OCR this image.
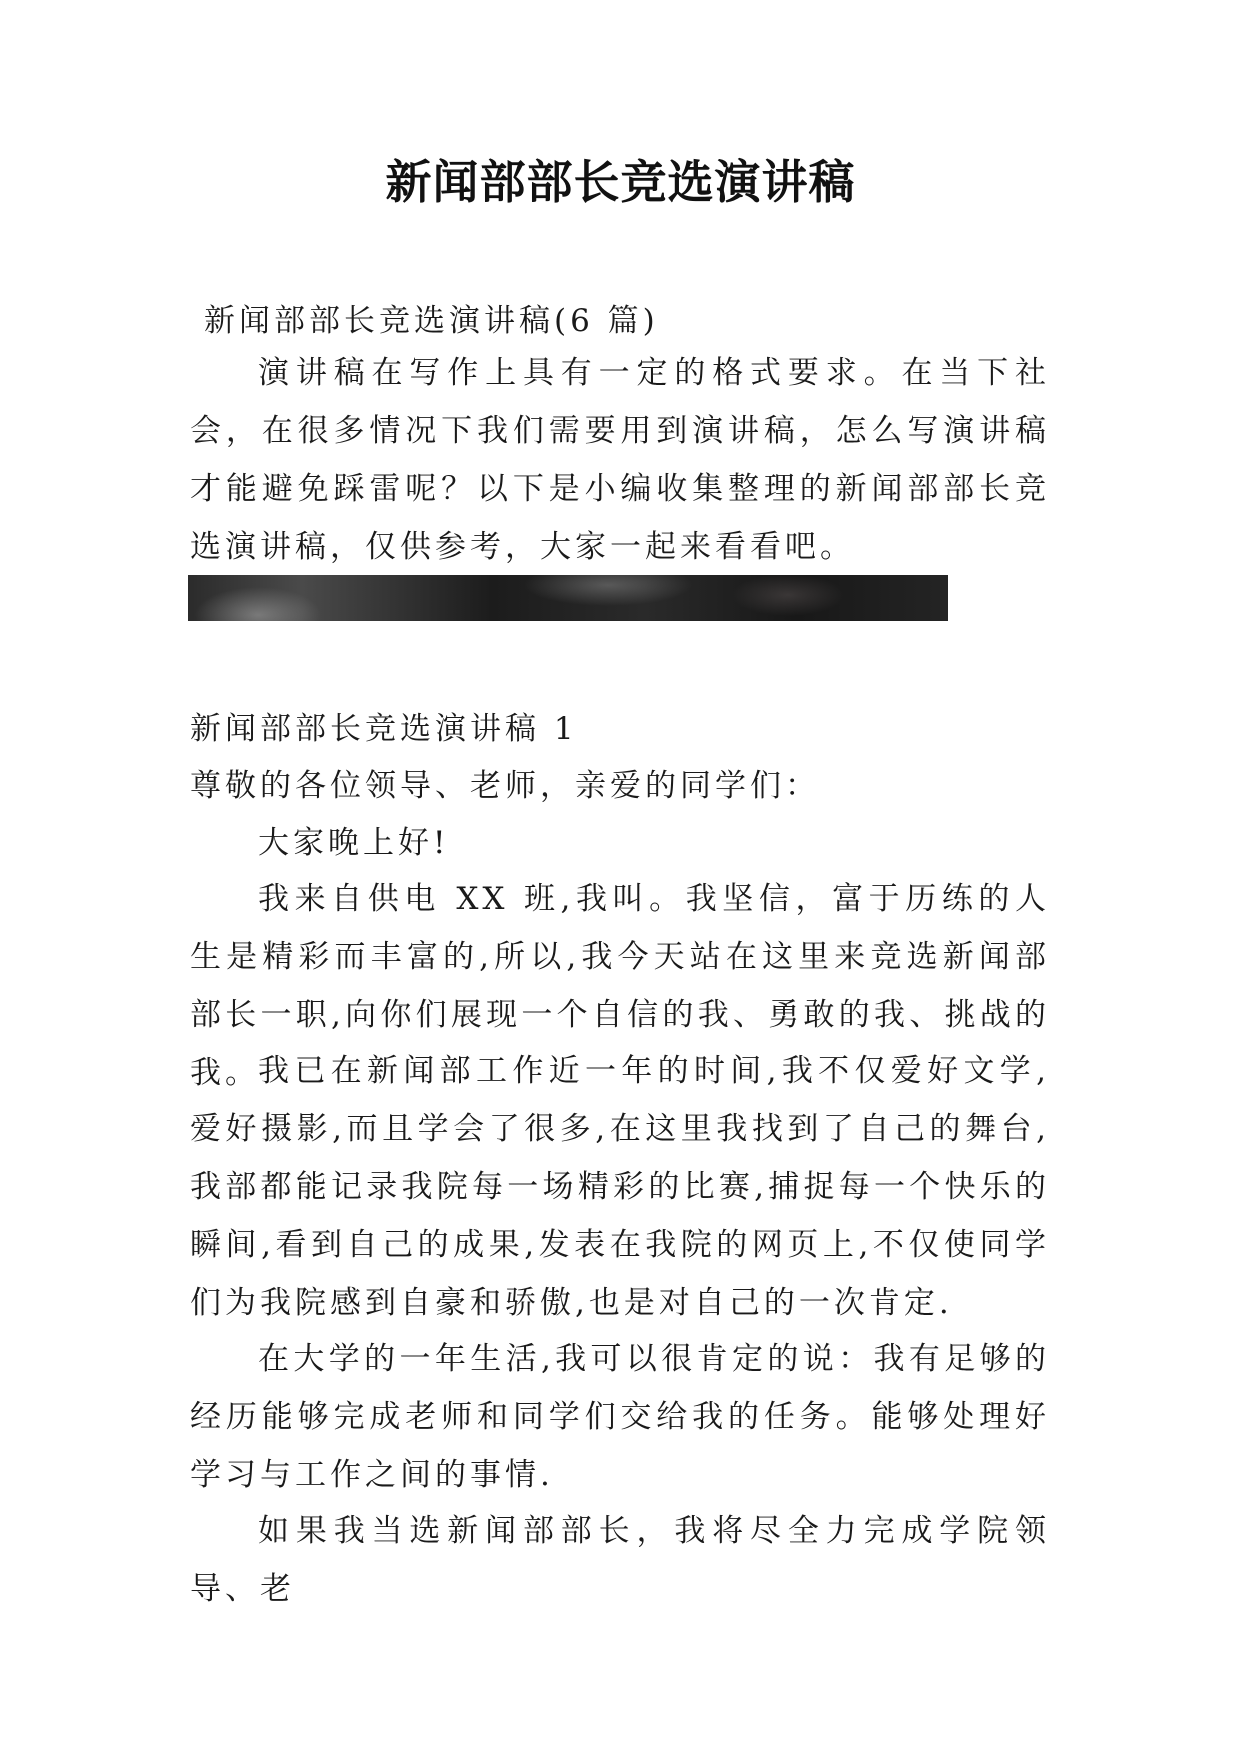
新闻部部长竞选演讲稿

新闻部部长竞选演讲稿(6 篇)

演讲稿在写作上具有一定的格式要求。在当下社会，在很多情况下我们需要用到演讲稿，怎么写演讲稿才能避免踩雷呢？以下是小编收集整理的新闻部部长竞选演讲稿，仅供参考，大家一起来看看吧。

新闻部部长竞选演讲稿 1

尊敬的各位领导、老师，亲爱的同学们：

大家晚上好!

我来自供电 XX 班,我叫。我坚信，富于历练的人生是精彩而丰富的,所以,我今天站在这里来竞选新闻部部长一职,向你们展现一个自信的我、勇敢的我、挑战的我。

我已在新闻部工作近一年的时间,我不仅爱好文学,爱好摄影,而且学会了很多,在这里我找到了自己的舞台,我部都能记录我院每一场精彩的比赛,捕捉每一个快乐的瞬间,看到自己的成果,发表在我院的网页上,不仅使同学们为我院感到自豪和骄傲,也是对自己的一次肯定.

在大学的一年生活,我可以很肯定的说：我有足够的经历能够完成老师和同学们交给我的任务。能够处理好学习与工作之间的事情.

如果我当选新闻部部长，我将尽全力完成学院领导、老
